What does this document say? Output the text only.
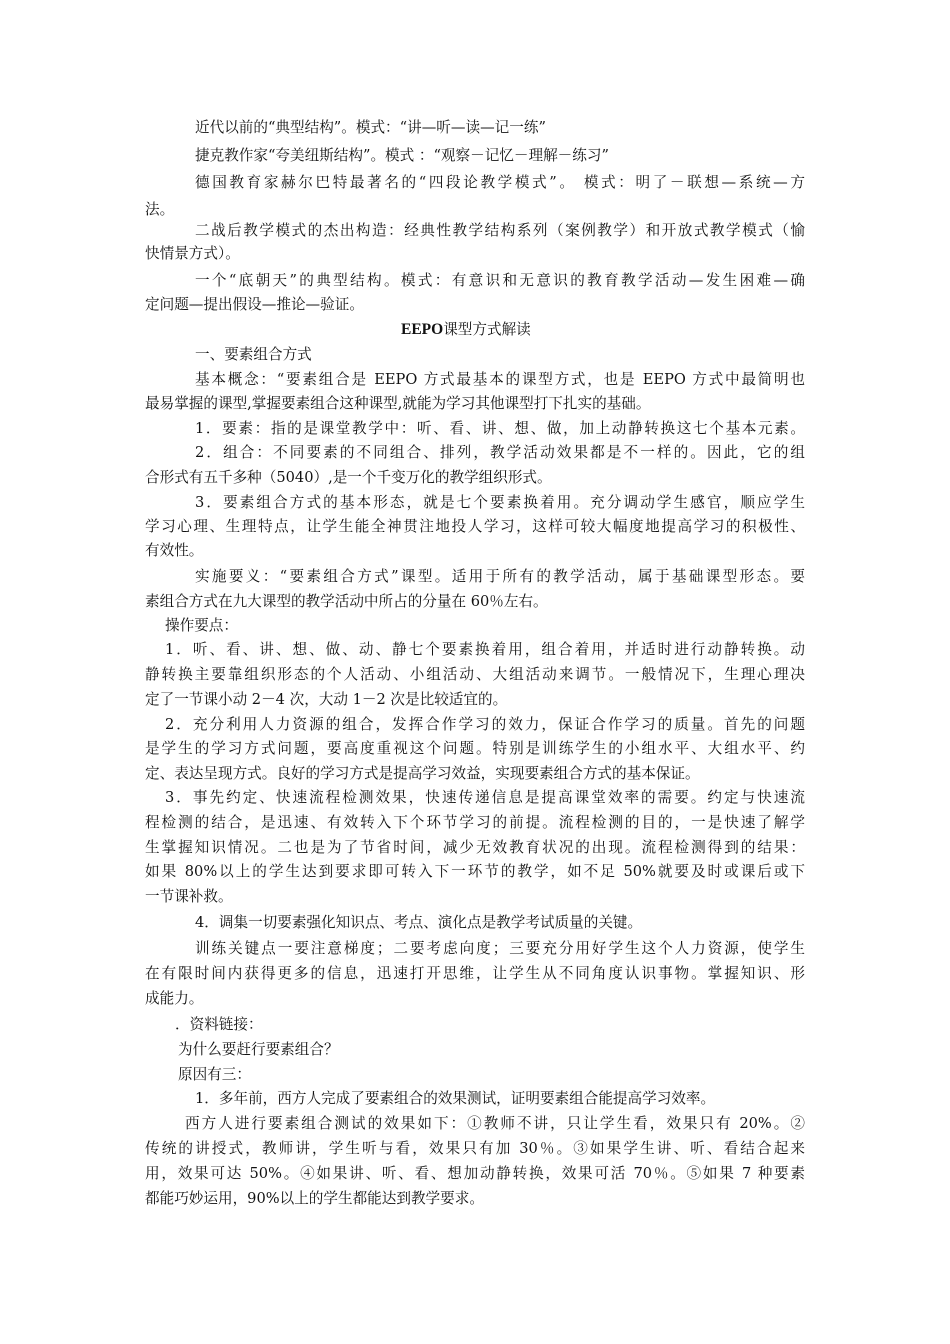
近代以前的“典型结构”。模式：“讲—听—读—记一练”
捷克教作家“夸美纽斯结构”。模式 ：“观察－记忆－理解－练习”
德国教育家赫尔巴特最著名的“四段论教学模式”。 模式：明了－联想—系统—方
法。
二战后教学模式的杰出构造：经典性教学结构系列（案例教学）和开放式教学模式（愉
快情景方式）。
一个“底朝天”的典型结构。模式：有意识和无意识的教育教学活动—发生困难—确
定问题—提出假设—推论—验证。
EEPO课型方式解读
一、要素组合方式
基本概念：“要素组合是 EEPO 方式最基本的课型方式，也是 EEPO 方式中最简明也
最易掌握的课型,掌握要素组合这种课型,就能为学习其他课型打下扎实的基础。
1．要素：指的是课堂教学中：听、看、讲、想、做，加上动静转换这七个基本元素。
2．组合：不同要素的不同组合、排列，教学活动效果都是不一样的。因此，它的组
合形式有五千多种（5040）,是一个千变万化的教学组织形式。
3．要素组合方式的基本形态，就是七个要素换着用。充分调动学生感官，顺应学生
学习心理、生理特点，让学生能全神贯注地投人学习，这样可较大幅度地提高学习的积极性、
有效性。
实施要义：“要素组合方式”课型。适用于所有的教学活动，属于基础课型形态。要
素组合方式在九大课型的教学活动中所占的分量在 60％左右。
操作要点：
1．听、看、讲、想、做、动、静七个要素换着用，组合着用，并适时进行动静转换。动
静转换主要靠组织形态的个人活动、小组活动、大组活动来调节。一般情况下，生理心理决
定了一节课小动 2－4 次，大动 1－2 次是比较适宜的。
2．充分利用人力资源的组合，发挥合作学习的效力，保证合作学习的质量。首先的问题
是学生的学习方式问题，要高度重视这个问题。特别是训练学生的小组水平、大组水平、约
定、表达呈现方式。良好的学习方式是提高学习效益，实现要素组合方式的基本保证。
3．事先约定、快速流程检测效果，快速传递信息是提高课堂效率的需要。约定与快速流
程检测的结合，是迅速、有效转入下个环节学习的前提。流程检测的目的，一是快速了解学
生掌握知识情况。二也是为了节省时间，减少无效教育状况的出现。流程检测得到的结果：
如果 80%以上的学生达到要求即可转入下一环节的教学，如不足 50%就要及时或课后或下
一节课补救。
4．调集一切要素强化知识点、考点、演化点是教学考试质量的关键。
训练关键点一要注意梯度；二要考虑向度；三要充分用好学生这个人力资源，使学生
在有限时间内获得更多的信息，迅速打开思维，让学生从不同角度认识事物。掌握知识、形
成能力。
．资料链接：
为什么要赶行要素组合？
原因有三：
1．多年前，西方人完成了要素组合的效果测试，证明要素组合能提高学习效率。
西方人进行要素组合测试的效果如下：①教师不讲，只让学生看，效果只有 20%。②
传统的讲授式，教师讲，学生听与看，效果只有加 30％。③如果学生讲、听、看结合起来
用，效果可达 50%。④如果讲、听、看、想加动静转换，效果可活 70％。⑤如果 7 种要素
都能巧妙运用，90%以上的学生都能达到教学要求。
